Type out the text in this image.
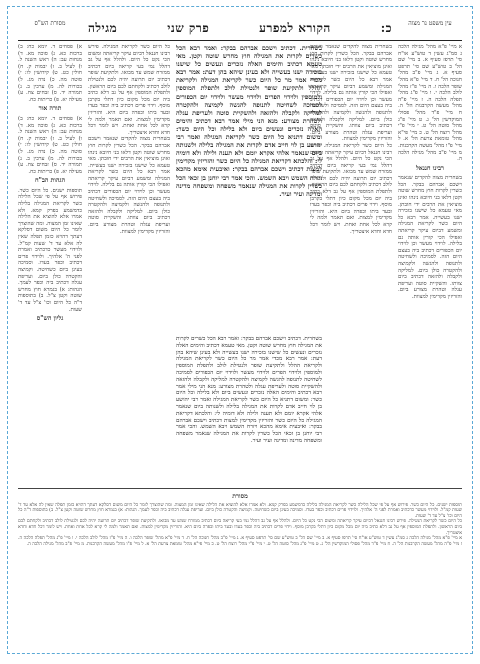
עין משפט נר מצוה
כ:
הקורא למפרע
פרק שני
מגילה
מסורת הש"ס
א מיי' פ"א מהל' מגילה הלכה ג סמ"ג עשין ד טוש"ע או"ח סי' תרפז סעיף א. ב מיי' שם הל' ב טוש"ע שם סי' תרפט סעיף א. ג מיי' פ"ב מהל' חנוכה הל' ח. ד מיי' פ"א מהל' שופר הלכה ו. ה מיי' פ"ז מהל' לולב הלכה י. ו מיי' פ"ג מהל' תפלה הלכה ה. ז מיי' פ"ה מהל' מעשה הקרבנות הל' ה. ח מיי' פ"ד מהל' פסולי המוקדשין הל' ג. ט מיי' פ"ג מהל' סוטה הל' ט. י מיי' פ"י מהל' רוצח הל' ט. כ מיי' פי"א מהל' טומאת צרעת הל' א. ל מיי' פ"ו מהל' מעשה הקרבנות. מ מיי' פ"ב מהל' מגילה הלכה ה.
רבינו חננאל
בשחרית מצוה להקדים שנאמר וישכם אברהם בבקר. הכל כשרין לקרות חוץ מחרש שוטה וקטן דלאו בני חיובא נינהו ואינן מוציאין את הרבים ידי חובתן. מאי טעמא כל שישנו בזכירה ישנו בעשייה. אמר רבא כל היום כשר לקריאת המגילה ומשמע דביום עיקר קריאתה ואפילו הכי קורין אותה גם בלילה. לוידוי מעשר וכן לוידוי יום הכפורים דכתיב ביה בעצם היום הזה. לסמיכה ולשחיטה ולתנופה ולהגשה ולקמיצה ולהקטרה כולן ביום. למליקה ולקבלה ולהזאה דכתיב ביום צוותו. והשקיית סוטה ועריפת עגלה וטהרת מצורע ביום. והזריזין מקדימין למצוות.
בשחרית מצוה להקדים שנאמר וישכם אברהם בבקר. הכל כשרין לקרות חוץ מחרש שוטה וקטן דלאו בני חיובא נינהו ואינן מוציאין את הרבים ידי חובתן. מאי טעמא כל שישנו בזכירה ישנו בעשייה. אמר רבא כל היום כשר לקריאת המגילה ומשמע דביום עיקר קריאתה ואפילו הכי קורין אותה גם בלילה. לוידוי מעשר וכן לוידוי יום הכפורים דכתיב ביה בעצם היום הזה. לסמיכה ולשחיטה ולתנופה ולהגשה ולקמיצה ולהקטרה כולן ביום. למליקה ולקבלה ולהזאה דכתיב ביום צוותו. והשקיית סוטה ועריפת עגלה וטהרת מצורע ביום. והזריזין מקדימין למצוות.
כל היום כשר לקריאת המגילה. פירש רבינו חננאל דביום עיקר קריאתה ומשום הכי נקט כל היום. ולהלל אף על גב דהלל נמי בעי קריאה ביום דכתיב ממזרח שמש עד מבואו. ולתקיעת שופר דכתיב יום תרועה יהיה לכם ולנטילת לולב דכתיב ולקחתם לכם ביום הראשון. ולתפלת המוספין אף על גב דלא כתיב ביה יום מכל מקום כיון דתלי בקרבן מוסף. וידוי פרים דכתיב ביה וכפר בעדו ובעד ביתו וכפרה ביום היא. והזריזין מקדימין למצות. ואם תאמר ולמה לי קרא לכל אחת ואחת. ויש לומר דכל חדא וחדא איצטריך.
בשחרית. דכתיב וישכם אברהם בבקר: ואמר רבא הכל כשרים לקרות את המגילה חוץ מחרש שוטה וקטן. מאי טעמא דכתיב והימים האלה נזכרים ונעשים כל שישנו בזכירה ישנו בעשייה ולא בעינן שיהא בהן דעת: אמר רבא מכדי אמר מר כל היום כשר לקריאת המגילה ולקריאת ההלל ולתקיעת שופר ולנטילת לולב ולתפלת המוספין ולמוספין ולוידוי הפרים ולוידוי מעשר ולוידוי יום הכפורים לסמיכה לשחיטה לתנופה להגשה לקמיצה ולהקטרה למליקה ולקבלה ולהזאה ולהשקיית סוטה ולעריפת עגלה ולטהרת מצורע: מנא הני מילי אמר רבא דכתיב והימים האלה נזכרים ונעשים ביום ולא בלילה וכל היום כשר: ומשום דתניא כל היום כשר לקריאת המגילה ואמר רבי יהושע בן לוי חייב אדם לקרות את המגילה בלילה ולשנותה ביום שנאמר אלהי אקרא יומם ולא תענה ולילה ולא דומיה לי: והלכתא דקריאת המגילה כל היום כשר והזריזין מקדימין למצות דכתיב וישכם אברהם בבקר: ואיבעית אימא מהכא ויזרח השמש ויבא השמש. והכי אמר רבי יוחנן בן זכאי הכל כשרין לקרות את המגילה שנאמר משפחה ומשפחה מדינה ומדינה ועיר ועיר.
בשחרית. דכתיב וישכם אברהם בבקר: ואמר רבא הכל כשרים לקרות את המגילה חוץ מחרש שוטה וקטן. מאי טעמא דכתיב והימים האלה נזכרים ונעשים כל שישנו בזכירה ישנו בעשייה ולא בעינן שיהא בהן דעת: אמר רבא מכדי אמר מר כל היום כשר לקריאת המגילה ולקריאת ההלל ולתקיעת שופר ולנטילת לולב ולתפלת המוספין ולמוספין ולוידוי הפרים ולוידוי מעשר ולוידוי יום הכפורים לסמיכה לשחיטה לתנופה להגשה לקמיצה ולהקטרה למליקה ולקבלה ולהזאה ולהשקיית סוטה ולעריפת עגלה ולטהרת מצורע: מנא הני מילי אמר רבא דכתיב והימים האלה נזכרים ונעשים ביום ולא בלילה וכל היום כשר: ומשום דתניא כל היום כשר לקריאת המגילה ואמר רבי יהושע בן לוי חייב אדם לקרות את המגילה בלילה ולשנותה ביום שנאמר אלהי אקרא יומם ולא תענה ולילה ולא דומיה לי: והלכתא דקריאת המגילה כל היום כשר והזריזין מקדימין למצות דכתיב וישכם אברהם בבקר: ואיבעית אימא מהכא ויזרח השמש ויבא השמש. והכי אמר רבי יוחנן בן זכאי הכל כשרין לקרות את המגילה שנאמר משפחה ומשפחה מדינה ומדינה ועיר ועיר.
כל היום כשר לקריאת המגילה. פירש רבינו חננאל דביום עיקר קריאתה ומשום הכי נקט כל היום. ולהלל אף על גב דהלל נמי בעי קריאה ביום דכתיב ממזרח שמש עד מבואו. ולתקיעת שופר דכתיב יום תרועה יהיה לכם ולנטילת לולב דכתיב ולקחתם לכם ביום הראשון. ולתפלת המוספין אף על גב דלא כתיב ביה יום מכל מקום כיון דתלי בקרבן מוסף. וידוי פרים דכתיב ביה וכפר בעדו ובעד ביתו וכפרה ביום היא. והזריזין מקדימין למצות. ואם תאמר ולמה לי קרא לכל אחת ואחת. ויש לומר דכל חדא וחדא איצטריך.
בשחרית מצוה להקדים שנאמר וישכם אברהם בבקר. הכל כשרין לקרות חוץ מחרש שוטה וקטן דלאו בני חיובא נינהו ואינן מוציאין את הרבים ידי חובתן. מאי טעמא כל שישנו בזכירה ישנו בעשייה. אמר רבא כל היום כשר לקריאת המגילה ומשמע דביום עיקר קריאתה ואפילו הכי קורין אותה גם בלילה. לוידוי מעשר וכן לוידוי יום הכפורים דכתיב ביה בעצם היום הזה. לסמיכה ולשחיטה ולתנופה ולהגשה ולקמיצה ולהקטרה כולן ביום. למליקה ולקבלה ולהזאה דכתיב ביום צוותו. והשקיית סוטה ועריפת עגלה וטהרת מצורע ביום. והזריזין מקדימין למצוות.
א) פסחים ד. יומא כח: ב) ברכות כא. ג) סוכה מא. ד) מנחות עב: ה) ראש השנה ל. ו) לעיל ב. ז) יבמות ק. ח) חולין כט. ט) קידושין לו: י) סוטה מה. כ) נדה מג. ל) בכורות לה. מ) ערכין ב. נ) תמורה יד. ס) זבחים צח. ע) מעילה יא. פ) כריתות כח.
תורה אור
א) פסחים ד. יומא כח: ב) ברכות כא. ג) סוכה מא. ד) מנחות עב: ה) ראש השנה ל. ו) לעיל ב. ז) יבמות ק. ח) חולין כט. ט) קידושין לו: י) סוטה מה. כ) נדה מג. ל) בכורות לה. מ) ערכין ב. נ) תמורה יד. ס) זבחים צח. ע) מעילה יא. פ) כריתות כח.
הגהות הב"ח
תוספות ישנים. כל היום כשר. פירוש אף על פי שכל הלילה כשר לקריאת המגילה בלילה כדמשמע בפרק קמא. ולא אמרו אלא להוציא את הלילה שאינו זמן המצוה. ומה שהוצרך לומר כל היום משום דסלקא דעתך דהויא כזמן תפלה שאין לה אלא עד ד' שעות קמ"ל. ולוידוי מעשר כדכתיב ואמרת לפני ה' אלהיך. ולוידוי פרים דכתיב וכפר בעדו. וסמיכה בעינן ביום כשחיטה. וקמיצה והקטרה כולן ביום. ועריפת עגלה דכתיב ביה וכפר לעמך. הגהות: א) בגמרא חוץ מחרש שוטה וקטן צ"ל. ב) בתוספות ד"ה כל היום וכו' צ"ל עד ד' שעות.
גליון הש"ס
מסורת
תוספות ישנים. כל היום כשר. פירוש אף על פי שכל הלילה כשר לקריאת המגילה בלילה כדמשמע בפרק קמא. ולא אמרו אלא להוציא את הלילה שאינו זמן המצוה. ומה שהוצרך לומר כל היום משום דסלקא דעתך דהויא כזמן תפלה שאין לה אלא עד ד' שעות קמ"ל. ולוידוי מעשר כדכתיב ואמרת לפני ה' אלהיך. ולוידוי פרים דכתיב וכפר בעדו. וסמיכה בעינן ביום כשחיטה. וקמיצה והקטרה כולן ביום. ועריפת עגלה דכתיב ביה וכפר לעמך. הגהות: א) בגמרא חוץ מחרש שוטה וקטן צ"ל. ב) בתוספות ד"ה כל היום וכו' צ"ל עד ד' שעות.
כל היום כשר לקריאת המגילה. פירש רבינו חננאל דביום עיקר קריאתה ומשום הכי נקט כל היום. ולהלל אף על גב דהלל נמי בעי קריאה ביום דכתיב ממזרח שמש עד מבואו. ולתקיעת שופר דכתיב יום תרועה יהיה לכם ולנטילת לולב דכתיב ולקחתם לכם ביום הראשון. ולתפלת המוספין אף על גב דלא כתיב ביה יום מכל מקום כיון דתלי בקרבן מוסף. וידוי פרים דכתיב ביה וכפר בעדו ובעד ביתו וכפרה ביום היא. והזריזין מקדימין למצות. ואם תאמר ולמה לי קרא לכל אחת ואחת. ויש לומר דכל חדא וחדא איצטריך.
א מיי' פ"א מהל' מגילה הלכה ג סמ"ג עשין ד טוש"ע או"ח סי' תרפז סעיף א. ב מיי' שם הל' ב טוש"ע שם סי' תרפט סעיף א. ג מיי' פ"ב מהל' חנוכה הל' ח. ד מיי' פ"א מהל' שופר הלכה ו. ה מיי' פ"ז מהל' לולב הלכה י. ו מיי' פ"ג מהל' תפלה הלכה ה. ז מיי' פ"ה מהל' מעשה הקרבנות הל' ה. ח מיי' פ"ד מהל' פסולי המוקדשין הל' ג. ט מיי' פ"ג מהל' סוטה הל' ט. י מיי' פ"י מהל' רוצח הל' ט. כ מיי' פי"א מהל' טומאת צרעת הל' א. ל מיי' פ"ו מהל' מעשה הקרבנות. מ מיי' פ"ב מהל' מגילה הלכה ה.
